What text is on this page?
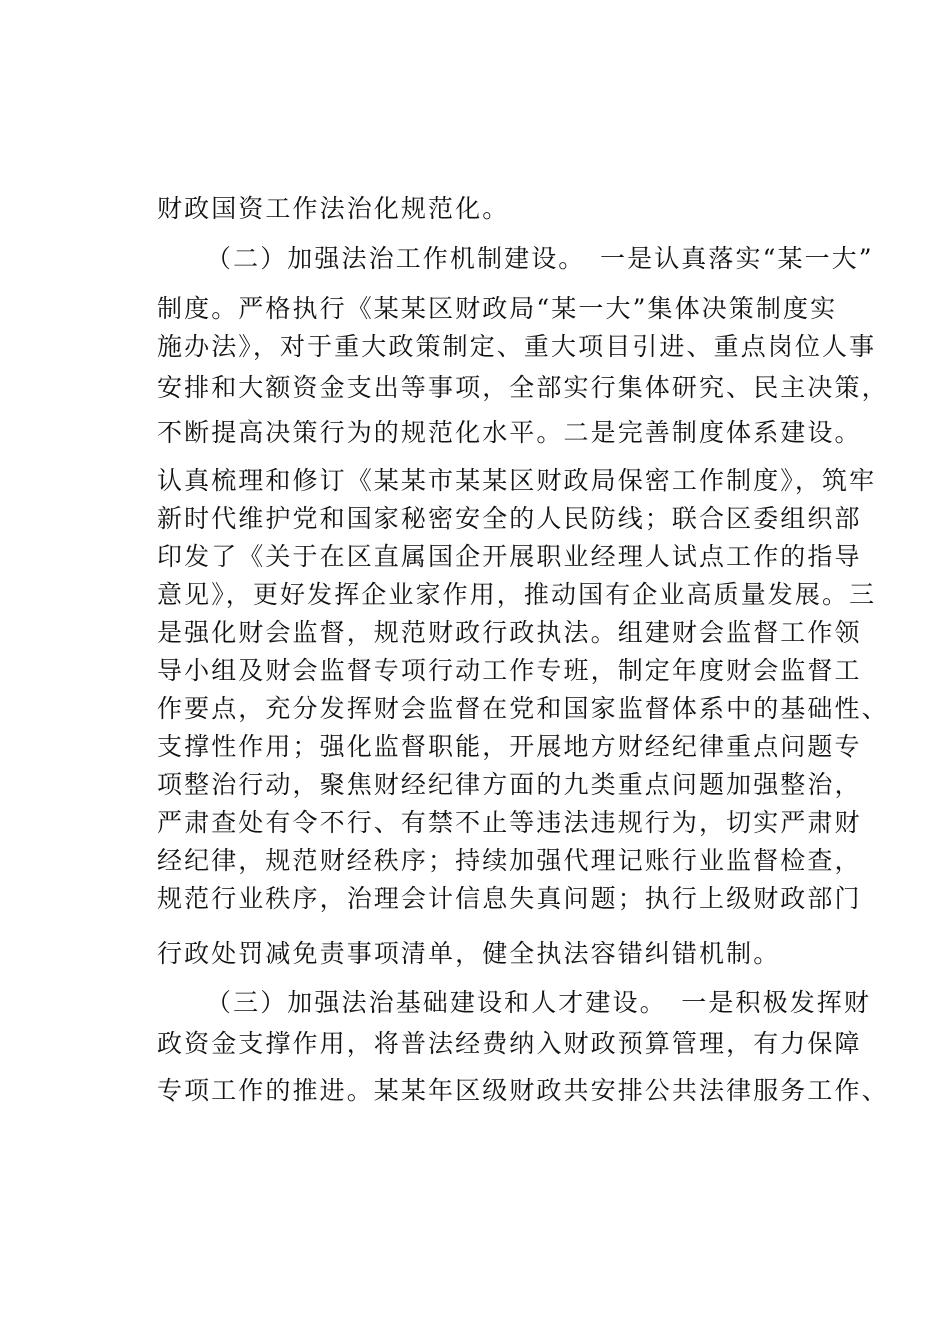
财政国资工作法治化规范化。
（二）加强法治工作机制建设。　一是认真落实“某一大”
制度。严格执行《某某区财政局“某一大”集体决策制度实
施办法》，对于重大政策制定、重大项目引进、重点岗位人事
安排和大额资金支出等事项，全部实行集体研究、民主决策，
不断提高决策行为的规范化水平。二是完善制度体系建设。
认真梳理和修订《某某市某某区财政局保密工作制度》，筑牢
新时代维护党和国家秘密安全的人民防线；联合区委组织部
印发了《关于在区直属国企开展职业经理人试点工作的指导
意见》，更好发挥企业家作用，推动国有企业高质量发展。三
是强化财会监督，规范财政行政执法。组建财会监督工作领
导小组及财会监督专项行动工作专班，制定年度财会监督工
作要点，充分发挥财会监督在党和国家监督体系中的基础性、
支撑性作用；强化监督职能，开展地方财经纪律重点问题专
项整治行动，聚焦财经纪律方面的九类重点问题加强整治，
严肃查处有令不行、有禁不止等违法违规行为，切实严肃财
经纪律，规范财经秩序；持续加强代理记账行业监督检查，
规范行业秩序，治理会计信息失真问题；执行上级财政部门
行政处罚减免责事项清单，健全执法容错纠错机制。
（三）加强法治基础建设和人才建设。　一是积极发挥财
政资金支撑作用，将普法经费纳入财政预算管理，有力保障
专项工作的推进。某某年区级财政共安排公共法律服务工作、
